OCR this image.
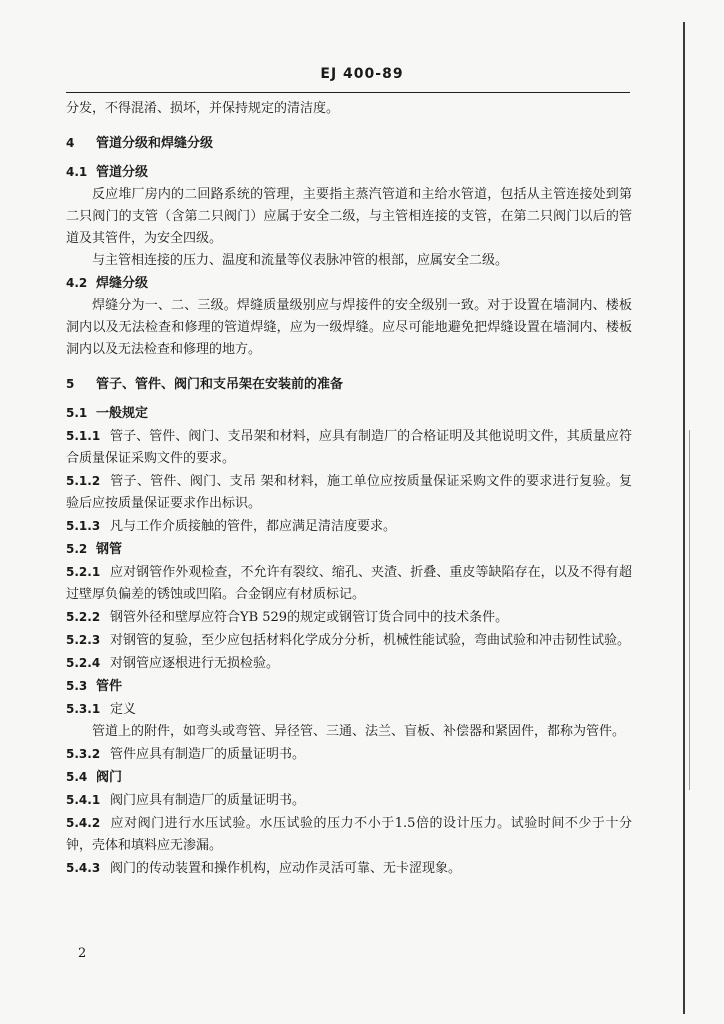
EJ 400-89

分发，不得混淆、损坏，并保持规定的清洁度。

4 管道分级和焊缝分级

4.1 管道分级

反应堆厂房内的二回路系统的管理，主要指主蒸汽管道和主给水管道，包括从主管连接处到第二只阀门的支管（含第二只阀门）应属于安全二级，与主管相连接的支管，在第二只阀门以后的管道及其管件，为安全四级。

与主管相连接的压力、温度和流量等仪表脉冲管的根部，应属安全二级。

4.2 焊缝分级

焊缝分为一、二、三级。焊缝质量级别应与焊接件的安全级别一致。对于设置在墙洞内、楼板洞内以及无法检查和修理的管道焊缝，应为一级焊缝。应尽可能地避免把焊缝设置在墙洞内、楼板洞内以及无法检查和修理的地方。

5 管子、管件、阀门和支吊架在安装前的准备

5.1 一般规定

5.1.1 管子、管件、阀门、支吊架和材料，应具有制造厂的合格证明及其他说明文件，其质量应符合质量保证采购文件的要求。

5.1.2 管子、管件、阀门、支吊 架和材料，施工单位应按质量保证采购文件的要求进行复验。复验后应按质量保证要求作出标识。

5.1.3 凡与工作介质接触的管件，都应满足清洁度要求。

5.2 钢管

5.2.1 应对钢管作外观检查，不允许有裂纹、缩孔、夹渣、折叠、重皮等缺陷存在，以及不得有超过壁厚负偏差的锈蚀或凹陷。合金钢应有材质标记。

5.2.2 钢管外径和壁厚应符合YB 529的规定或钢管订货合同中的技术条件。

5.2.3 对钢管的复验，至少应包括材料化学成分分析，机械性能试验，弯曲试验和冲击韧性试验。

5.2.4 对钢管应逐根进行无损检验。

5.3 管件

5.3.1 定义

管道上的附件，如弯头或弯管、异径管、三通、法兰、盲板、补偿器和紧固件，都称为管件。

5.3.2 管件应具有制造厂的质量证明书。

5.4 阀门

5.4.1 阀门应具有制造厂的质量证明书。

5.4.2 应对阀门进行水压试验。水压试验的压力不小于1.5倍的设计压力。试验时间不少于十分钟，壳体和填料应无渗漏。

5.4.3 阀门的传动装置和操作机构，应动作灵活可靠、无卡涩现象。

2
